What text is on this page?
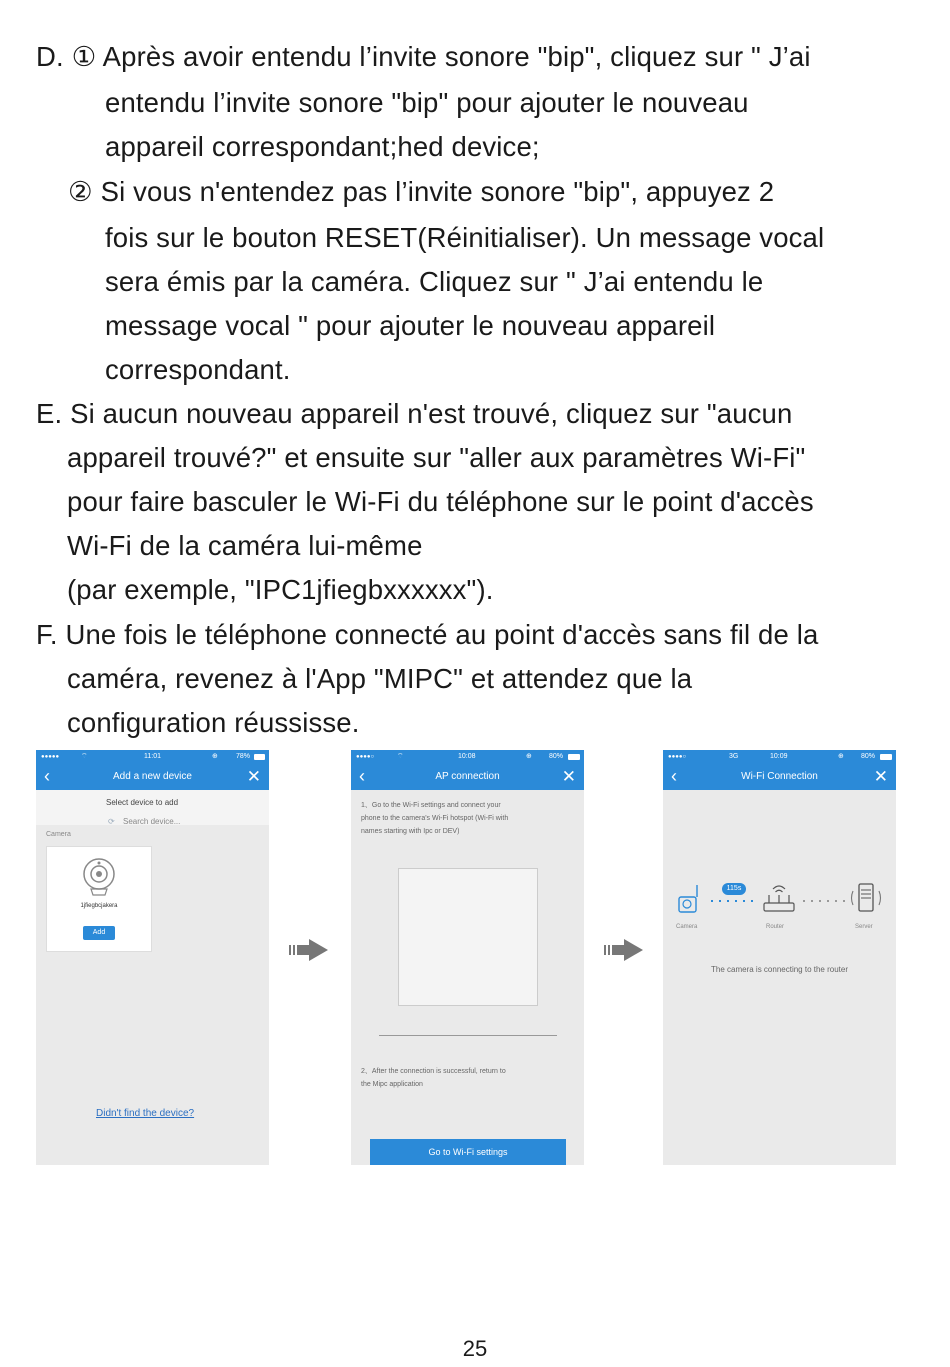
D. ① Après avoir entendu l’invite sonore "bip", cliquez sur " J’ai
entendu l’invite sonore "bip" pour ajouter le nouveau
appareil correspondant;hed device;
② Si vous n'entendez pas l’invite sonore "bip", appuyez 2
fois sur le bouton RESET(Réinitialiser). Un message vocal
sera émis par la caméra. Cliquez sur " J’ai entendu le
message vocal " pour ajouter le nouveau appareil
correspondant.
E. Si aucun nouveau appareil n'est trouvé, cliquez sur "aucun
appareil trouvé?" et ensuite sur "aller aux paramètres Wi-Fi"
pour faire basculer le Wi-Fi du téléphone sur le point d'accès
Wi-Fi de la caméra lui-même
(par exemple, "IPC1jfiegbxxxxxx").
F. Une fois le téléphone connecté au point d'accès sans fil de la
caméra, revenez à l'App "MIPC" et attendez que la
configuration réussisse.
●●●●●	⌔	11:01	⊕	78%
‹	Add a new device	✕
Select device to add
⟳ Search device...
Camera
1jfiegbcjakera
Add
Didn't find the device?
●●●●○	⌔	10:08	⊕ 80%
‹	AP connection	✕
1、Go to the Wi-Fi settings and connect your
phone to the camera's Wi-Fi hotspot (Wi-Fi with
names starting with Ipc or DEV)
2、After the connection is successful, return to
the Mipc application
Go to Wi-Fi settings
●●●●○	3G	10:09	⊕ 80%
‹	Wi-Fi Connection	✕
115s
Camera	Router	Server
The camera is connecting to the router
25
